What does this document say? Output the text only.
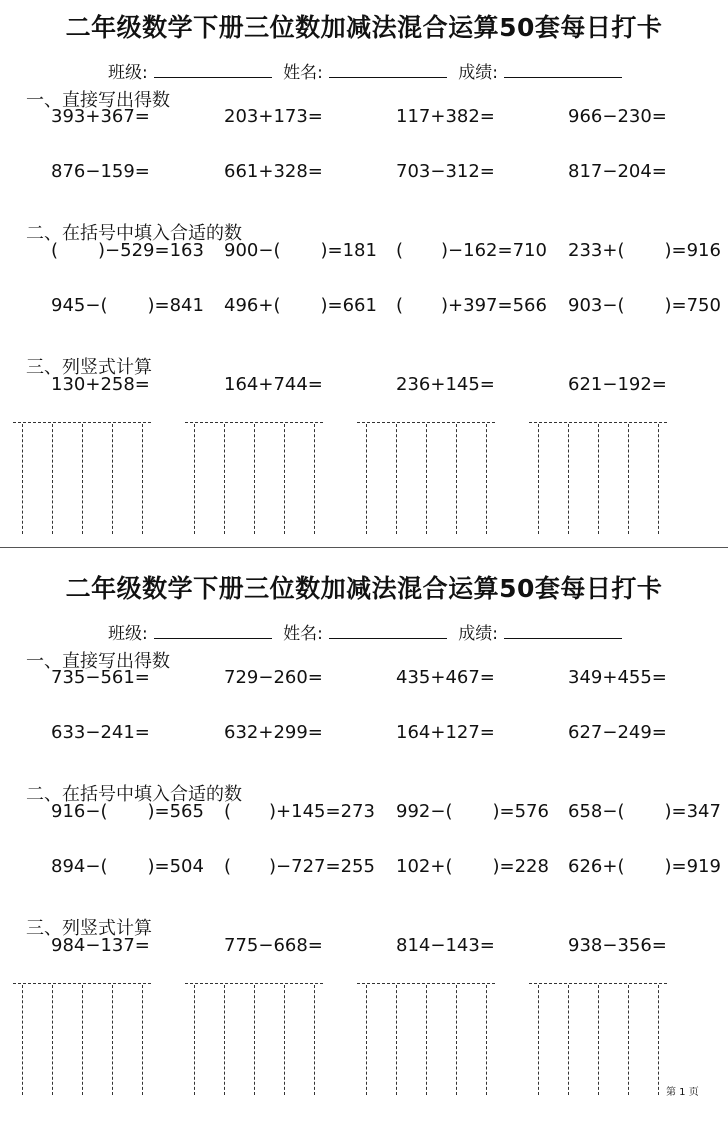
二年级数学下册三位数加减法混合运算50套每日打卡
班级:	姓名:	成绩:
一、直接写出得数
393+367=	203+173=	117+382=	966−230=
876−159=	661+328=	703−312=	817−204=
二、在括号中填入合适的数
( )−529=163 900−( )=181 ( )−162=710 233+( )=916
945−( )=841 496+( )=661 ( )+397=566 903−( )=750
三、列竖式计算
130+258=	164+744=	236+145=	621−192=
二年级数学下册三位数加减法混合运算50套每日打卡
班级:	姓名:	成绩:
一、直接写出得数
735−561=	729−260=	435+467=	349+455=
633−241=	632+299=	164+127=	627−249=
二、在括号中填入合适的数
916−( )=565 ( )+145=273 992−( )=576 658−( )=347
894−( )=504 ( )−727=255 102+( )=228 626+( )=919
三、列竖式计算
984−137=	775−668=	814−143=	938−356=
第 1 页
